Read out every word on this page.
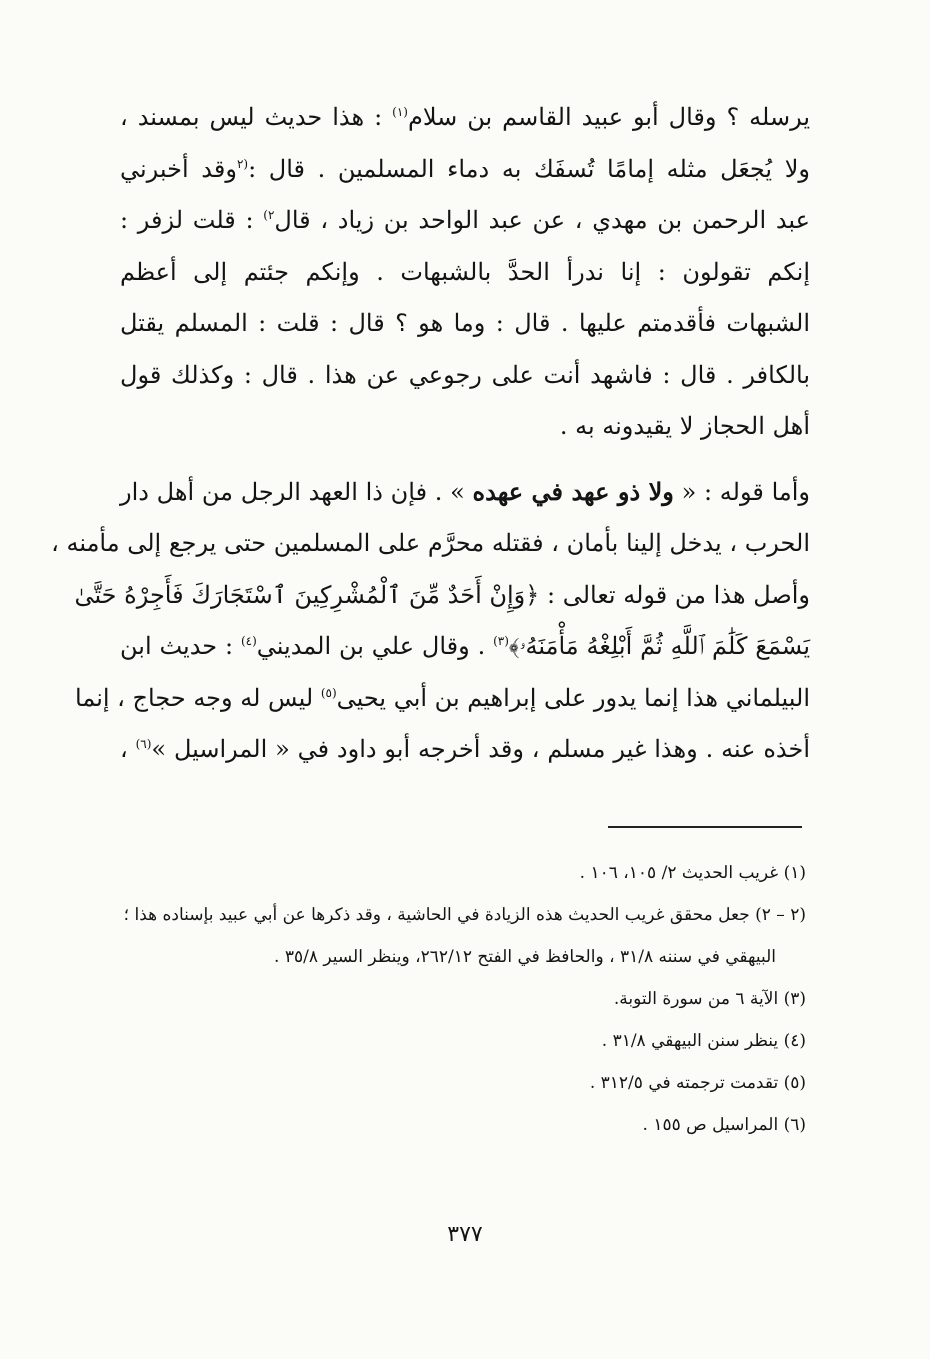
يرسله ؟ وقال أبو عبيد القاسم بن سلام$^{(١)}$ : هذا حديث ليس بمسند ،
ولا يُجعَل مثله إمامًا تُسفَك به دماء المسلمين . قال :$^{(٢}$وقد أخبرني
عبد الرحمن بن مهدي ، عن عبد الواحد بن زياد ، قال$^{٢)}$ : قلت لزفر :
إنكم تقولون : إنا ندرأ الحدَّ بالشبهات . وإنكم جئتم إلى أعظم
الشبهات فأقدمتم عليها . قال : وما هو ؟ قال : قلت : المسلم يقتل
بالكافر . قال : فاشهد أنت على رجوعي عن هذا . قال : وكذلك قول
أهل الحجاز لا يقيدونه به .

وأما قوله : « ولا ذو عهد في عهده » . فإن ذا العهد الرجل من أهل دار
الحرب ، يدخل إلينا بأمان ، فقتله محرَّم على المسلمين حتى يرجع إلى مأمنه ،
وأصل هذا من قوله تعالى : ﴿وَإِنْ أَحَدٌ مِّنَ ٱلْمُشْرِكِينَ ٱسْتَجَارَكَ فَأَجِرْهُ حَتَّىٰ
يَسْمَعَ كَلَٰمَ ٱللَّهِ ثُمَّ أَبْلِغْهُ مَأْمَنَهُۥ﴾$^{(٣)}$ . وقال علي بن المديني$^{(٤)}$ : حديث ابن
البيلماني هذا إنما يدور على إبراهيم بن أبي يحيى$^{(٥)}$ ليس له وجه حجاج ، إنما
أخذه عنه . وهذا غير مسلم ، وقد أخرجه أبو داود في « المراسيل »$^{(٦)}$ ،

(١) غريب الحديث ٢/ ١٠٥، ١٠٦ .
(٢ – ٢) جعل محقق غريب الحديث هذه الزيادة في الحاشية ، وقد ذكرها عن أبي عبيد بإسناده هذا ؛
البيهقي في سننه ٣١/٨ ، والحافظ في الفتح ٢٦٢/١٢، وينظر السير ٣٥/٨ .
(٣) الآية ٦ من سورة التوبة.
(٤) ينظر سنن البيهقي ٣١/٨ .
(٥) تقدمت ترجمته في ٣١٢/٥ .
(٦) المراسيل ص ١٥٥ .
٣٧٧
